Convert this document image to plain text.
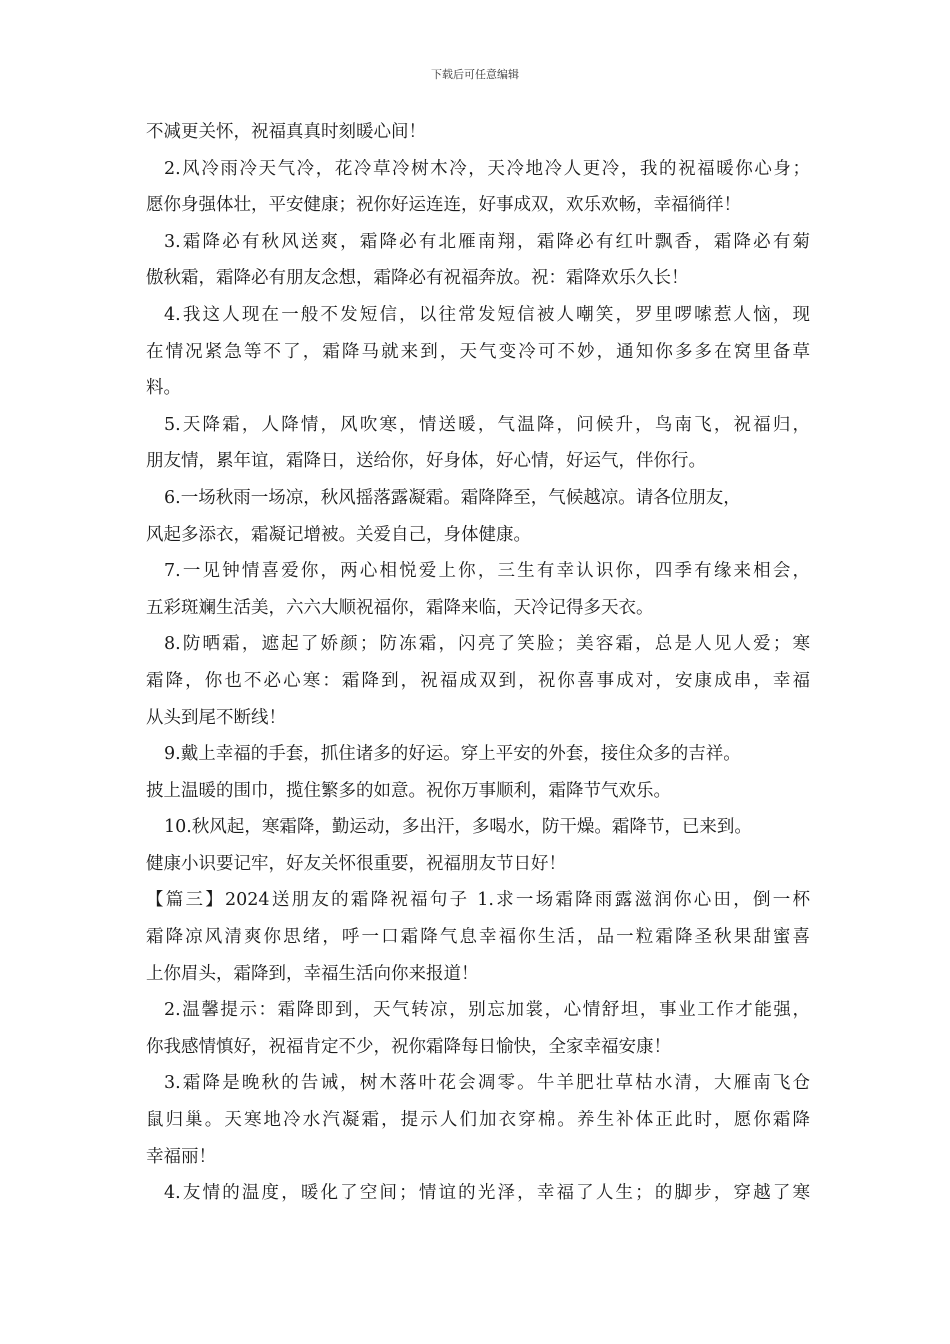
下载后可任意编辑
不减更关怀，祝福真真时刻暖心间！
2.风冷雨冷天气冷，花冷草冷树木冷，天冷地冷人更冷，我的祝福暖你心身；
愿你身强体壮，平安健康；祝你好运连连，好事成双，欢乐欢畅，幸福徜徉！
3.霜降必有秋风送爽，霜降必有北雁南翔，霜降必有红叶飘香，霜降必有菊
傲秋霜，霜降必有朋友念想，霜降必有祝福奔放。祝：霜降欢乐久长！
4.我这人现在一般不发短信，以往常发短信被人嘲笑，罗里啰嗦惹人恼，现
在情况紧急等不了，霜降马就来到，天气变冷可不妙，通知你多多在窝里备草
料。
5.天降霜，人降情，风吹寒，情送暖，气温降，问候升，鸟南飞，祝福归，
朋友情，累年谊，霜降日，送给你，好身体，好心情，好运气，伴你行。
6.一场秋雨一场凉，秋风摇落露凝霜。霜降降至，气候越凉。请各位朋友，
风起多添衣，霜凝记增被。关爱自己，身体健康。
7.一见钟情喜爱你，两心相悦爱上你，三生有幸认识你，四季有缘来相会，
五彩斑斓生活美，六六大顺祝福你，霜降来临，天冷记得多天衣。
8.防晒霜，遮起了娇颜；防冻霜，闪亮了笑脸；美容霜，总是人见人爱；寒
霜降，你也不必心寒：霜降到，祝福成双到，祝你喜事成对，安康成串，幸福
从头到尾不断线！
9.戴上幸福的手套，抓住诸多的好运。穿上平安的外套，接住众多的吉祥。
披上温暖的围巾，揽住繁多的如意。祝你万事顺利，霜降节气欢乐。
10.秋风起，寒霜降，勤运动，多出汗，多喝水，防干燥。霜降节，已来到。
健康小识要记牢，好友关怀很重要，祝福朋友节日好！
【篇三】2024送朋友的霜降祝福句子 1.求一场霜降雨露滋润你心田，倒一杯
霜降凉风清爽你思绪，呼一口霜降气息幸福你生活，品一粒霜降圣秋果甜蜜喜
上你眉头，霜降到，幸福生活向你来报道！
2.温馨提示：霜降即到，天气转凉，别忘加裳，心情舒坦，事业工作才能强，
你我感情慎好，祝福肯定不少，祝你霜降每日愉快，全家幸福安康！
3.霜降是晚秋的告诫，树木落叶花会凋零。牛羊肥壮草枯水清，大雁南飞仓
鼠归巢。天寒地冷水汽凝霜，提示人们加衣穿棉。养生补体正此时，愿你霜降
幸福丽！
4.友情的温度，暖化了空间；情谊的光泽，幸福了人生；的脚步，穿越了寒
